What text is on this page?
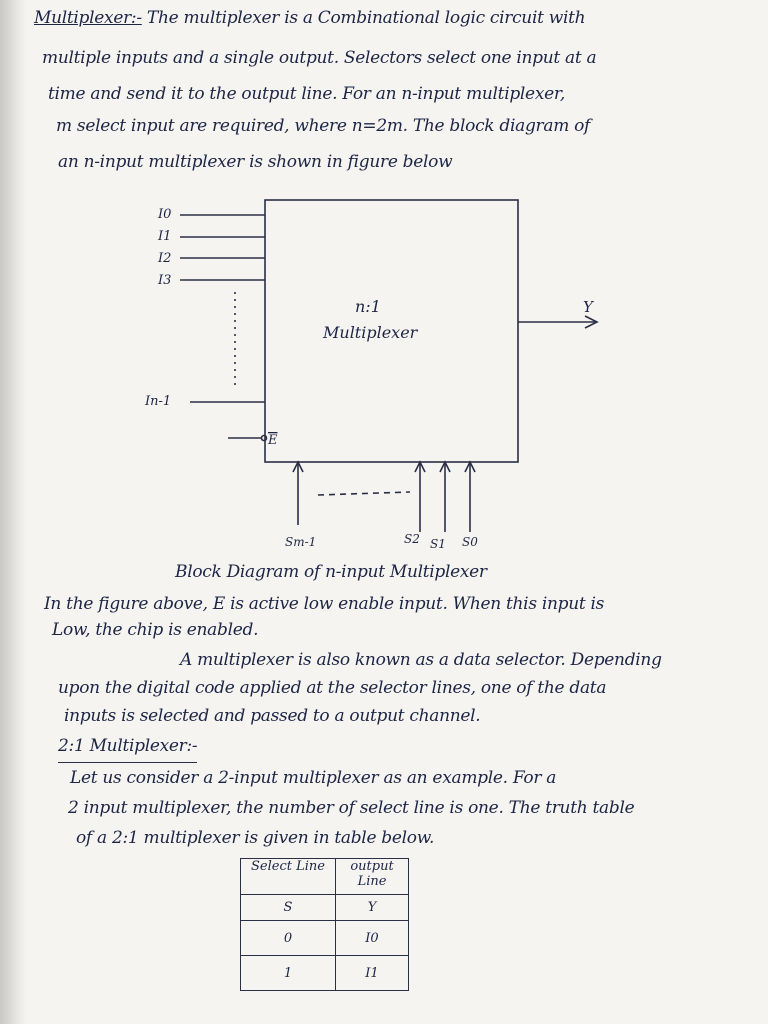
Multiplexer:- The multiplexer is a Combinational logic circuit with
multiple inputs and a single output. Selectors select one input at a
time and send it to the output line. For an n-input multiplexer,
m select input are required, where n=2m. The block diagram of
an n-input multiplexer is shown in figure below
I0
I1
I2
I3
In-1
E
n:1
Multiplexer
Y
Sm-1	S2 S1 S0
Block Diagram of n-input Multiplexer
In the figure above, E is active low enable input. When this input is
Low, the chip is enabled.
A multiplexer is also known as a data selector. Depending
upon the digital code applied at the selector lines, one of the data
inputs is selected and passed to a output channel.
2:1 Multiplexer:-
Let us consider a 2-input multiplexer as an example. For a
2 input multiplexer, the number of select line is one. The truth table
of a 2:1 multiplexer is given in table below.
Select Line	output Line
S	Y
0	I0
1	I1
